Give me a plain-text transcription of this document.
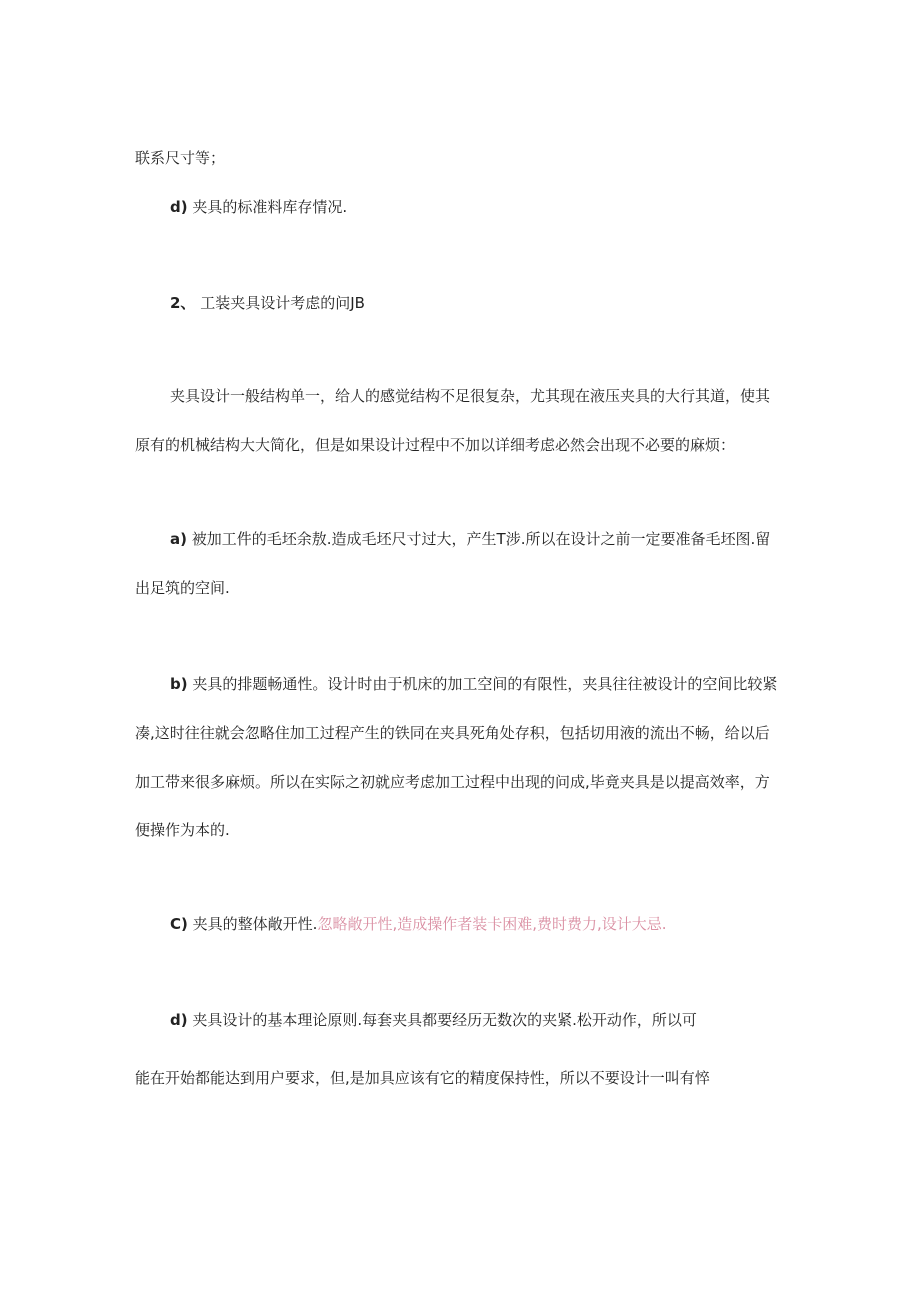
联系尺寸等；
d) 夹具的标准料库存情况.
2、 工装夹具设计考虑的问JB
夹具设计一般结构单一，给人的感觉结构不足很复杂，尤其现在液压夹具的大行其道，使其
原有的机械结构大大简化，但是如果设计过程中不加以详细考虑必然会出现不必要的麻烦：
a) 被加工件的毛坯余敖.造成毛坯尺寸过大，产生T涉.所以在设计之前一定要准备毛坯图.留
出足筑的空间.
b) 夹具的排题畅通性。设计时由于机床的加工空间的有限性，夹具往往被设计的空间比较紧
凑,这时往往就会忽略住加工过程产生的铁同在夹具死角处存积，包括切用液的流出不畅，给以后
加工带来很多麻烦。所以在实际之初就应考虑加工过程中出现的问成,毕竟夹具是以提高效率，方
便操作为本的.
C) 夹具的整体敞开性.忽略敞开性,造成操作者装卡困难,费时费力,设计大忌.
d) 夹具设计的基本理论原则.每套夹具都要经历无数次的夹紧.松开动作，所以可
能在开始都能达到用户要求，但,是加具应该有它的精度保持性，所以不要设计一叫有悴
